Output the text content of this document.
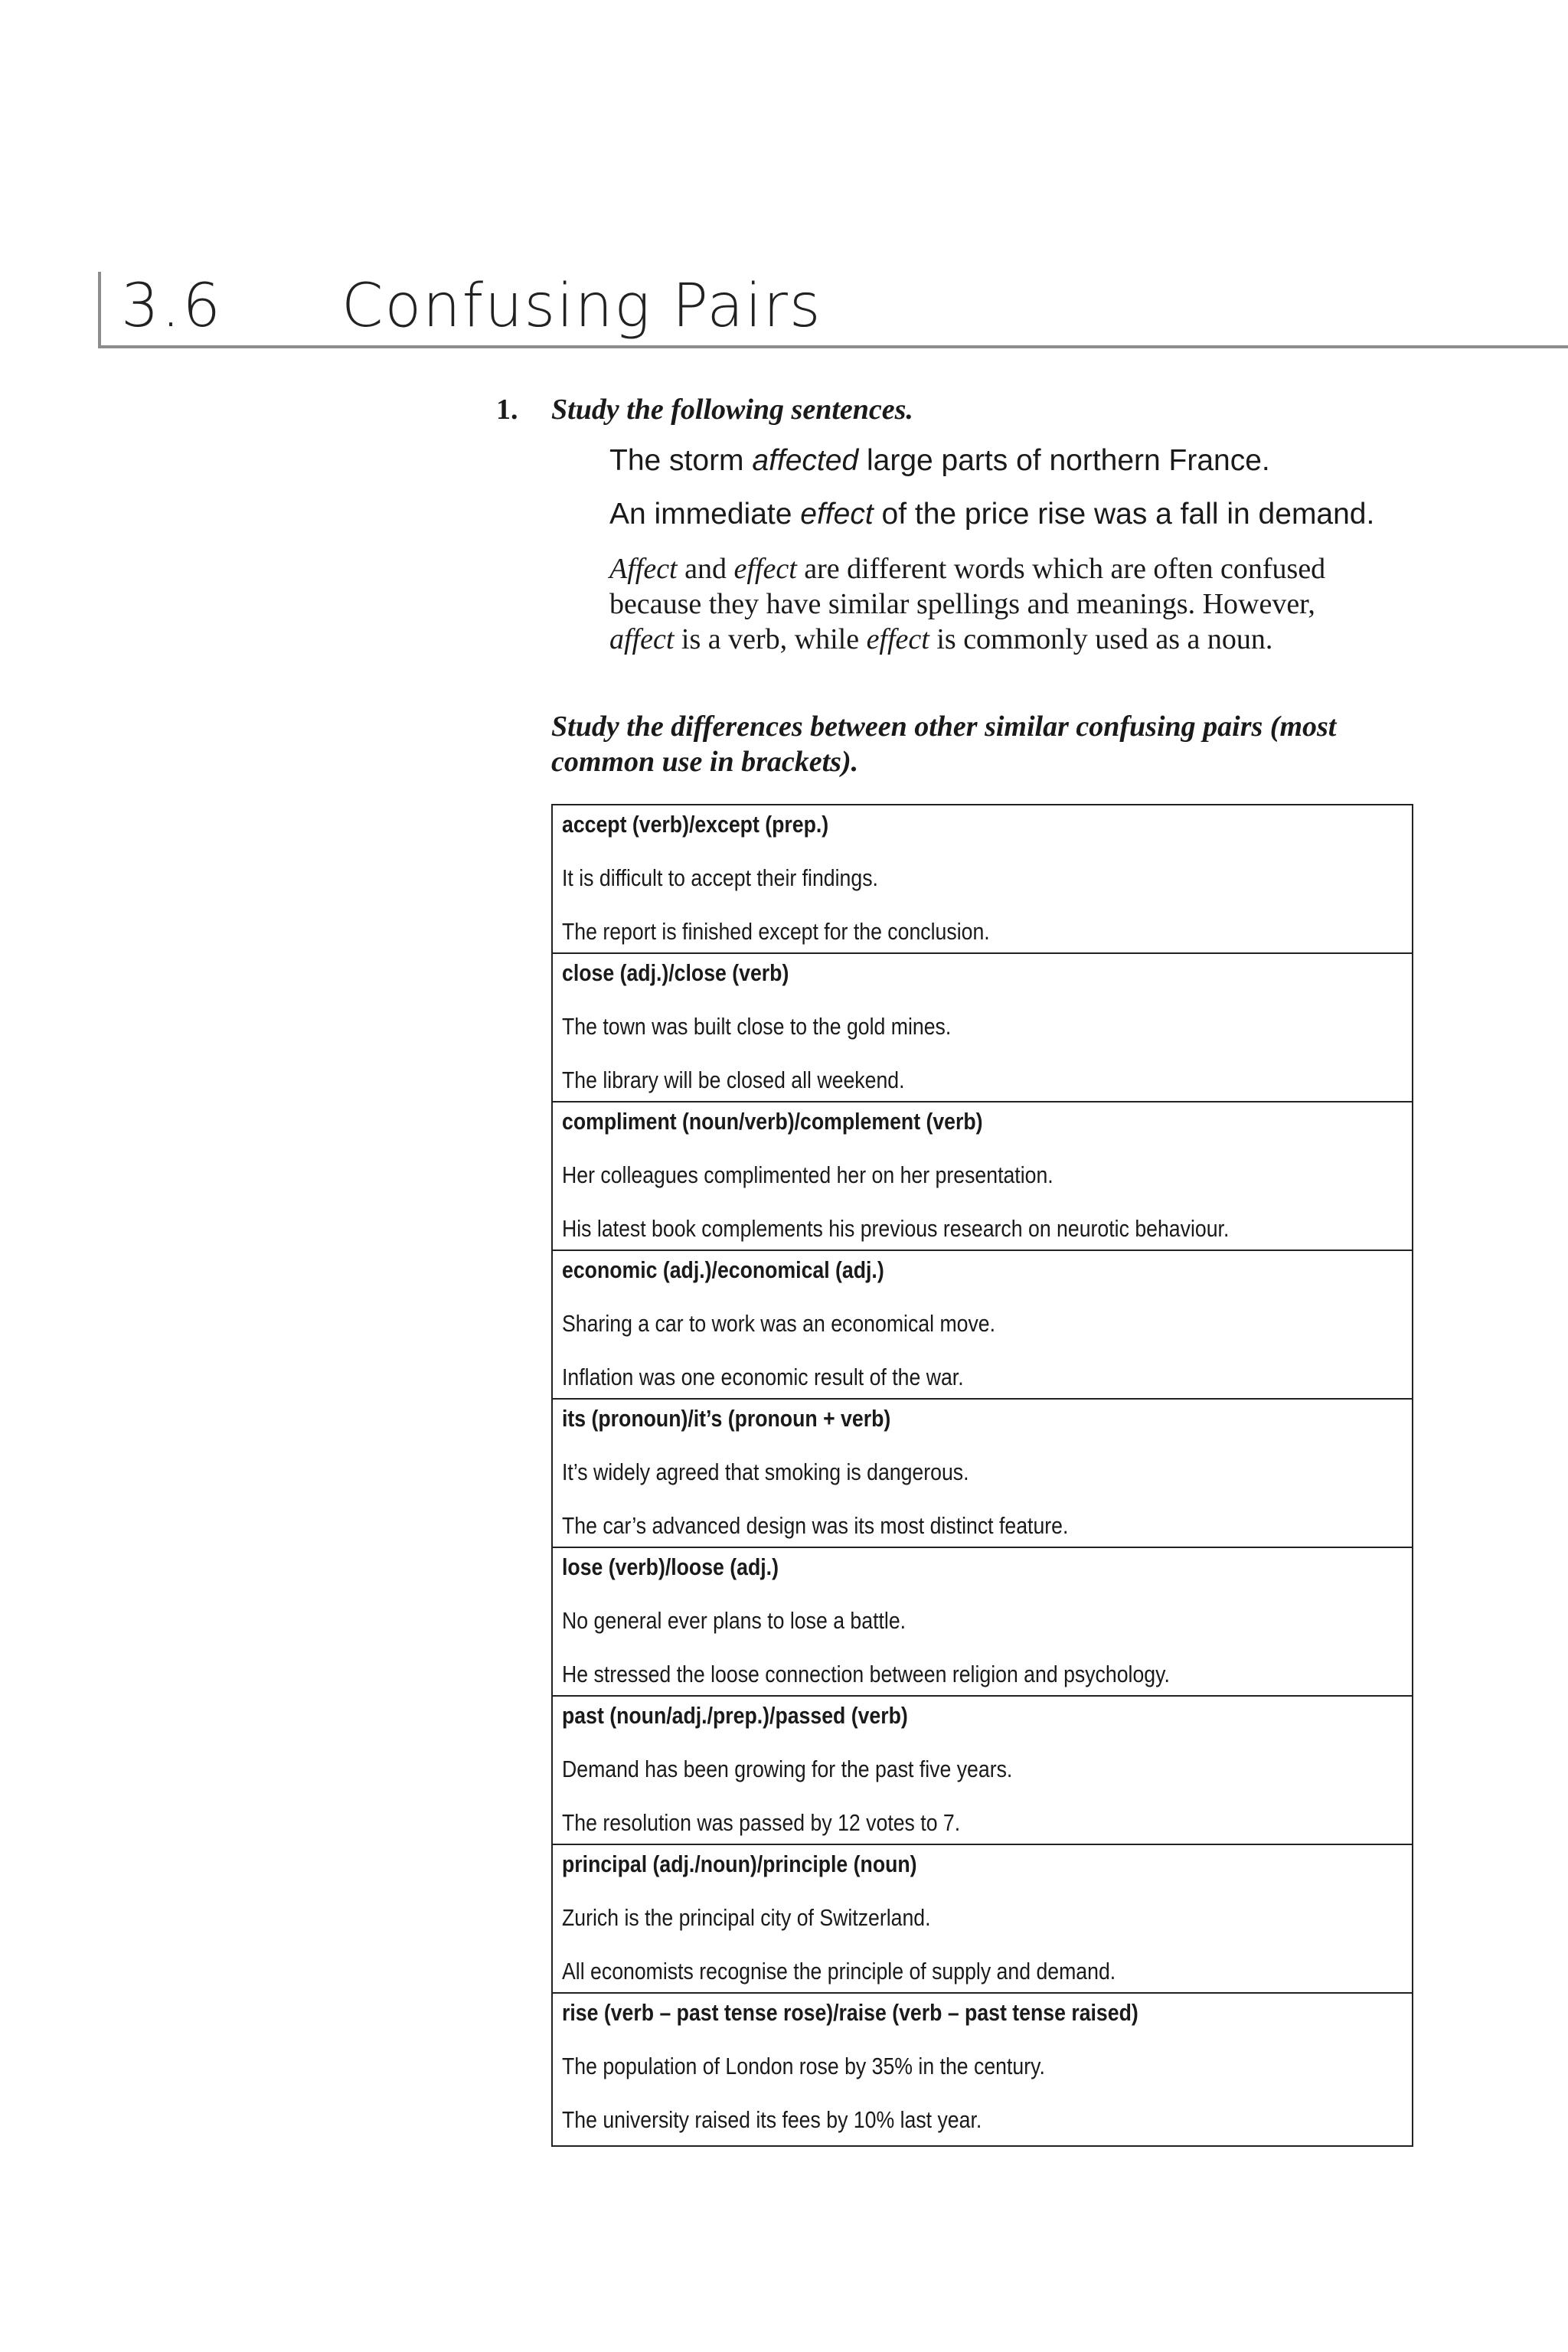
3.6 Confusing Pairs
1. Study the following sentences.
The storm affected large parts of northern France.
An immediate effect of the price rise was a fall in demand.
Affect and effect are different words which are often confused because they have similar spellings and meanings. However, affect is a verb, while effect is commonly used as a noun.
Study the differences between other similar confusing pairs (most common use in brackets).
accept (verb)/except (prep.)
It is difficult to accept their findings.
The report is finished except for the conclusion.
close (adj.)/close (verb)
The town was built close to the gold mines.
The library will be closed all weekend.
compliment (noun/verb)/complement (verb)
Her colleagues complimented her on her presentation.
His latest book complements his previous research on neurotic behaviour.
economic (adj.)/economical (adj.)
Sharing a car to work was an economical move.
Inflation was one economic result of the war.
its (pronoun)/it’s (pronoun + verb)
It’s widely agreed that smoking is dangerous.
The car’s advanced design was its most distinct feature.
lose (verb)/loose (adj.)
No general ever plans to lose a battle.
He stressed the loose connection between religion and psychology.
past (noun/adj./prep.)/passed (verb)
Demand has been growing for the past five years.
The resolution was passed by 12 votes to 7.
principal (adj./noun)/principle (noun)
Zurich is the principal city of Switzerland.
All economists recognise the principle of supply and demand.
rise (verb – past tense rose)/raise (verb – past tense raised)
The population of London rose by 35% in the century.
The university raised its fees by 10% last year.
